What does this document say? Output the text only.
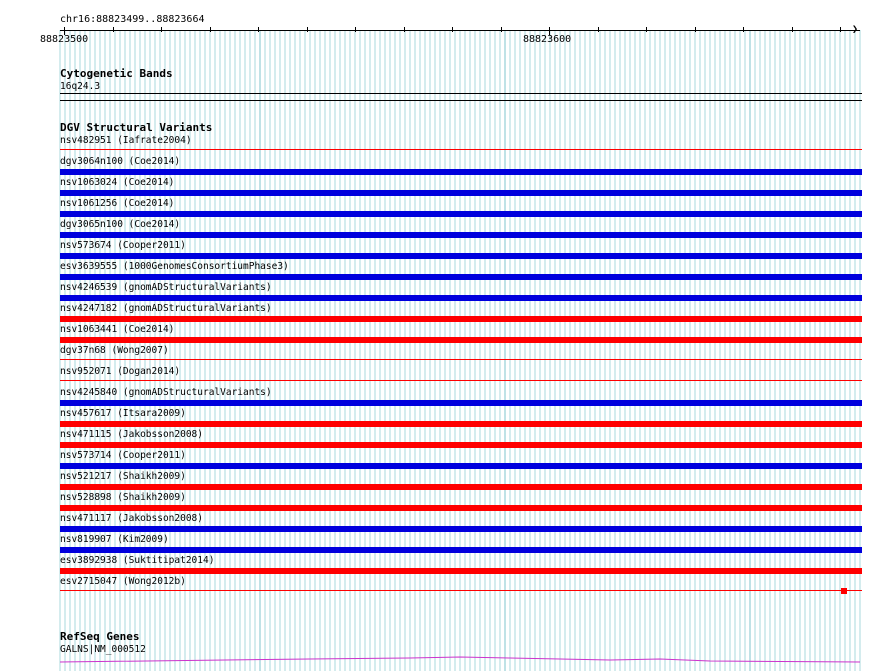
chr16:88823499..88823664
❯
88823500	88823600
Cytogenetic Bands
16q24.3
DGV Structural Variants
nsv482951 (Iafrate2004)
dgv3064n100 (Coe2014)
nsv1063024 (Coe2014)
nsv1061256 (Coe2014)
dgv3065n100 (Coe2014)
nsv573674 (Cooper2011)
esv3639555 (1000GenomesConsortiumPhase3)
nsv4246539 (gnomADStructuralVariants)
nsv4247182 (gnomADStructuralVariants)
nsv1063441 (Coe2014)
dgv37n68 (Wong2007)
nsv952071 (Dogan2014)
nsv4245840 (gnomADStructuralVariants)
nsv457617 (Itsara2009)
nsv471115 (Jakobsson2008)
nsv573714 (Cooper2011)
nsv521217 (Shaikh2009)
nsv528898 (Shaikh2009)
nsv471117 (Jakobsson2008)
nsv819907 (Kim2009)
esv3892938 (Suktitipat2014)
esv2715047 (Wong2012b)
RefSeq Genes
GALNS|NM_000512
